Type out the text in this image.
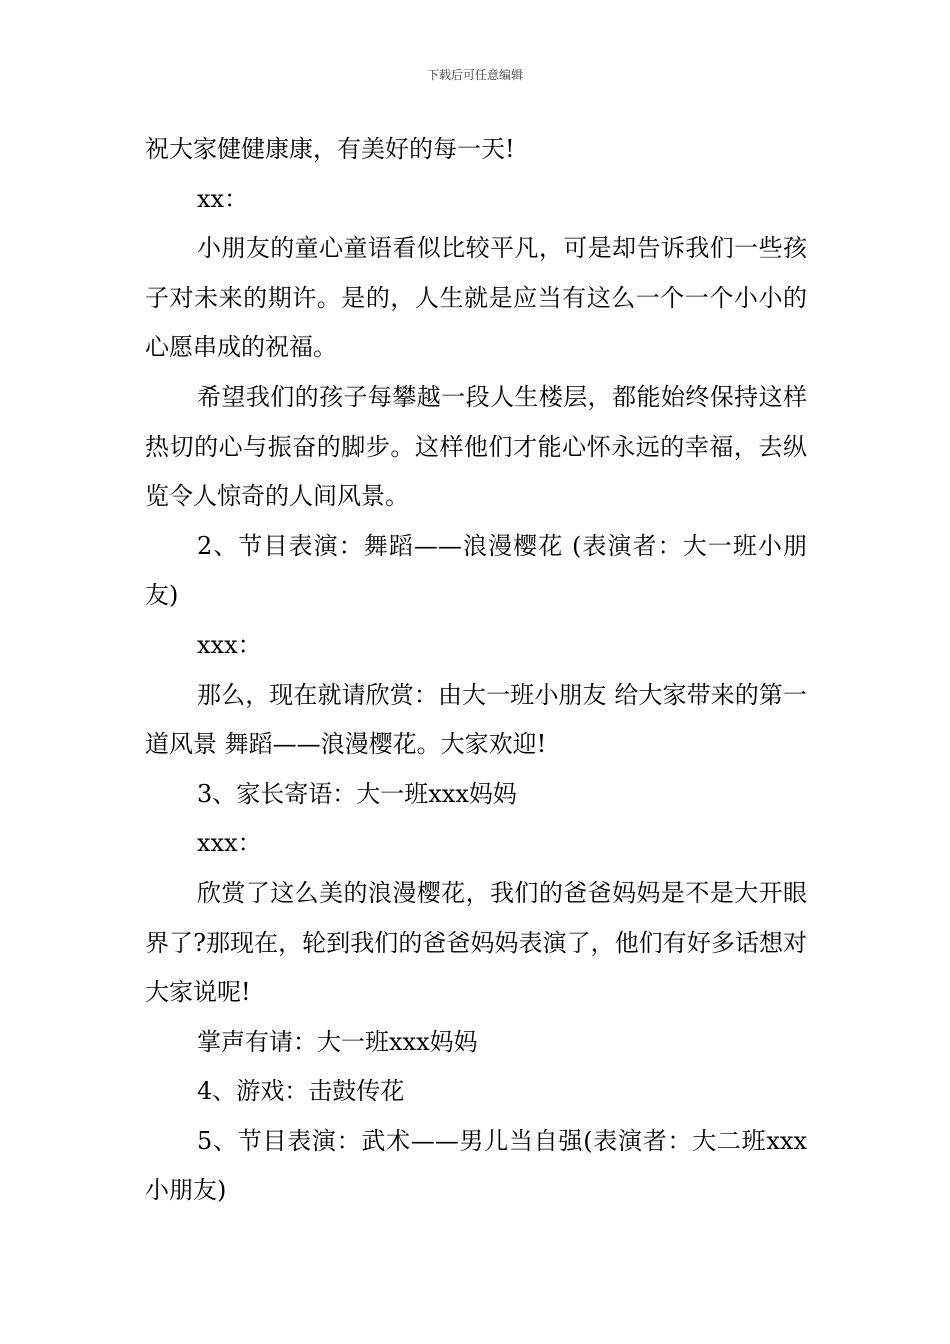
下载后可任意编辑

祝大家健健康康，有美好的每一天!

xx：

小朋友的童心童语看似比较平凡，可是却告诉我们一些孩子对未来的期许。是的，人生就是应当有这么一个一个小小的心愿串成的祝福。

希望我们的孩子每攀越一段人生楼层，都能始终保持这样热切的心与振奋的脚步。这样他们才能心怀永远的幸福，去纵览令人惊奇的人间风景。

2、节目表演：舞蹈——浪漫樱花 (表演者：大一班小朋友)

xxx：

那么，现在就请欣赏：由大一班小朋友 给大家带来的第一道风景 舞蹈——浪漫樱花。大家欢迎!

3、家长寄语：大一班xxx妈妈

xxx：

欣赏了这么美的浪漫樱花，我们的爸爸妈妈是不是大开眼界了?那现在，轮到我们的爸爸妈妈表演了，他们有好多话想对大家说呢!

掌声有请：大一班xxx妈妈

4、游戏：击鼓传花

5、节目表演：武术——男儿当自强(表演者：大二班xxx小朋友)
